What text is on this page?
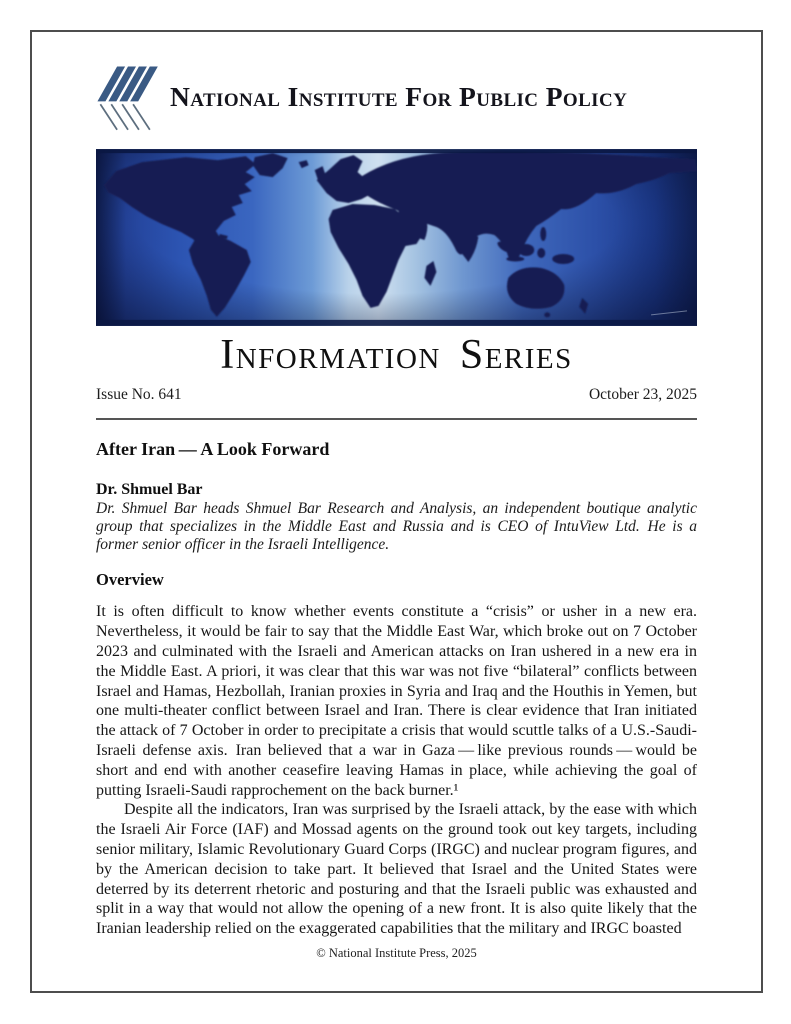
National Institute For Public Policy
Information Series
Issue No. 641	October 23, 2025
After Iran — A Look Forward
Dr. Shmuel Bar
Dr. Shmuel Bar heads Shmuel Bar Research and Analysis, an independent boutique analytic group that specializes in the Middle East and Russia and is CEO of IntuView Ltd. He is a former senior officer in the Israeli Intelligence.
Overview
It is often difficult to know whether events constitute a “crisis” or usher in a new era. Nevertheless, it would be fair to say that the Middle East War, which broke out on 7 October 2023 and culminated with the Israeli and American attacks on Iran ushered in a new era in the Middle East. A priori, it was clear that this war was not five “bilateral” conflicts between Israel and Hamas, Hezbollah, Iranian proxies in Syria and Iraq and the Houthis in Yemen, but one multi-theater conflict between Israel and Iran. There is clear evidence that Iran initiated the attack of 7 October in order to precipitate a crisis that would scuttle talks of a U.S.-Saudi-Israeli defense axis. Iran believed that a war in Gaza — like previous rounds — would be short and end with another ceasefire leaving Hamas in place, while achieving the goal of putting Israeli-Saudi rapprochement on the back burner.¹
Despite all the indicators, Iran was surprised by the Israeli attack, by the ease with which the Israeli Air Force (IAF) and Mossad agents on the ground took out key targets, including senior military, Islamic Revolutionary Guard Corps (IRGC) and nuclear program figures, and by the American decision to take part. It believed that Israel and the United States were deterred by its deterrent rhetoric and posturing and that the Israeli public was exhausted and split in a way that would not allow the opening of a new front. It is also quite likely that the Iranian leadership relied on the exaggerated capabilities that the military and IRGC boasted
© National Institute Press, 2025
